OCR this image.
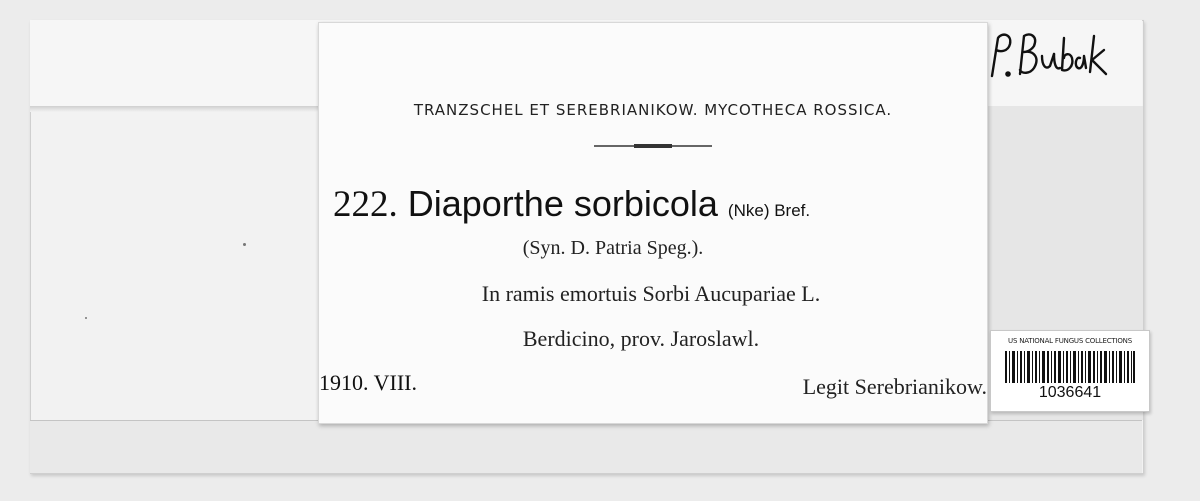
TRANZSCHEL ET SEREBRIANIKOW. MYCOTHECA ROSSICA.
222. Diaporthe sorbicola (Nke) Bref.
(Syn. D. Patria Speg.).
In ramis emortuis Sorbi Aucupariae L.
Berdicino, prov. Jaroslawl.
1910. VIII.	Legit Serebrianikow.
US NATIONAL FUNGUS COLLECTIONS
1036641
